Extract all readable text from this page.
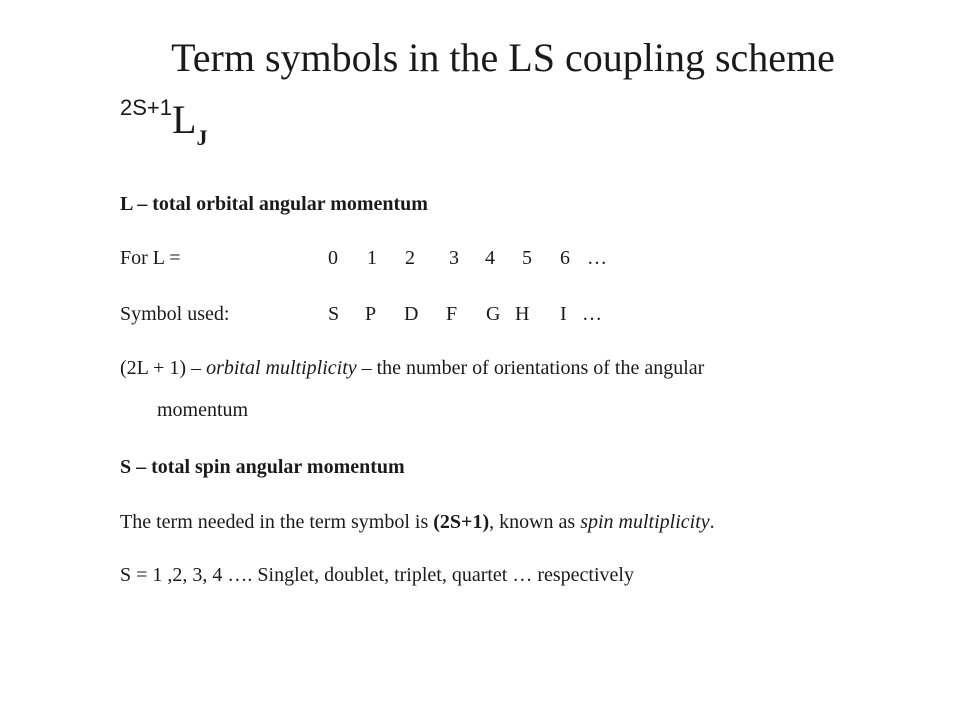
Term symbols in the LS coupling scheme
2S+1LJ
L – total orbital angular momentum
For L =	0 1 2 3 4 5 6 …
Symbol used:	S P D F G H I …
(2L + 1) – orbital multiplicity – the number of orientations of the angular
momentum
S – total spin angular momentum
The term needed in the term symbol is (2S+1), known as spin multiplicity.
S = 1 ,2, 3, 4 …. Singlet, doublet, triplet, quartet … respectively
